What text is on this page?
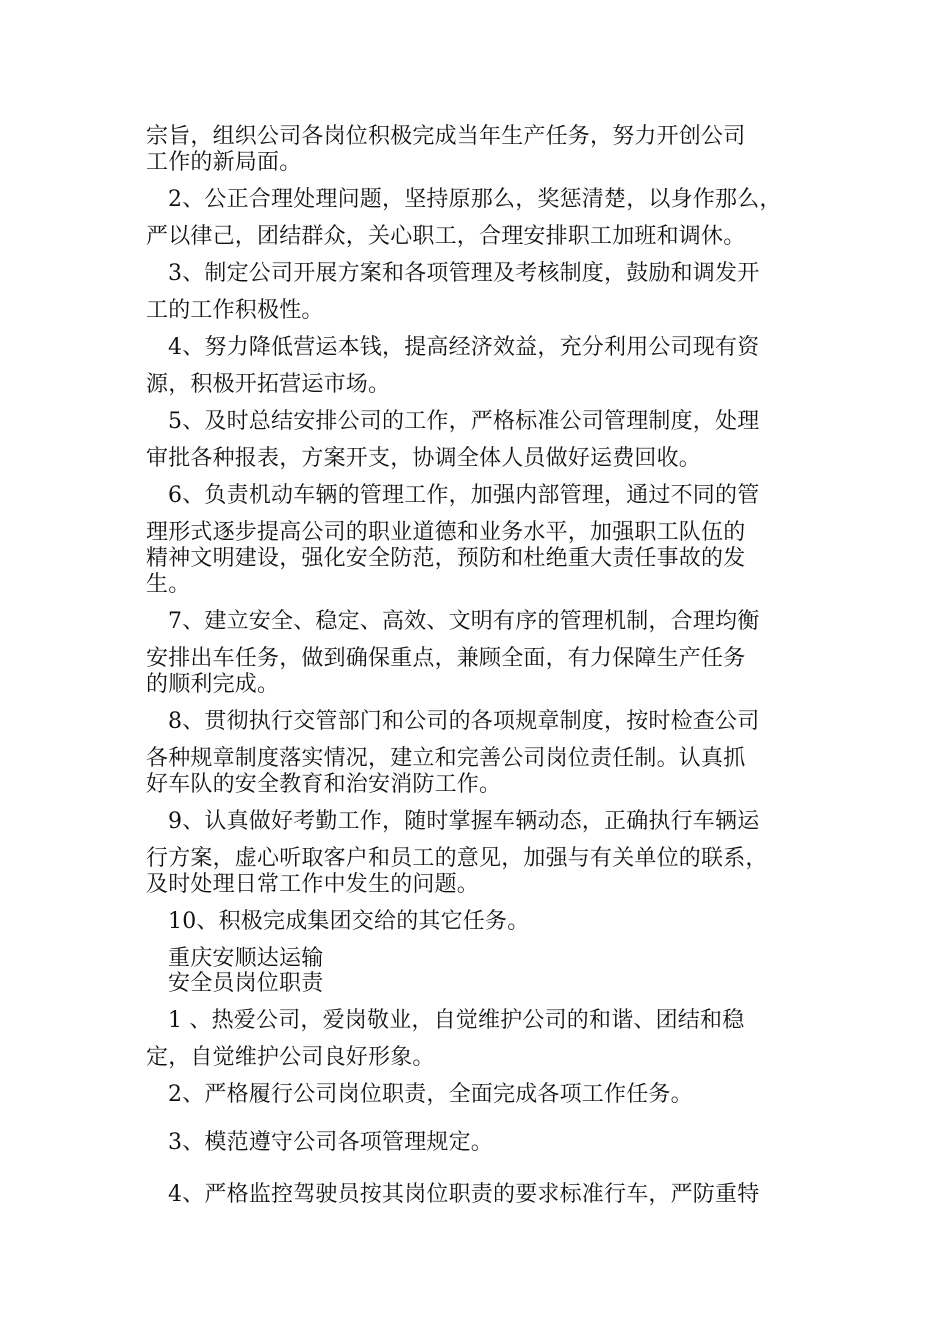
宗旨，组织公司各岗位积极完成当年生产任务，努力开创公司
工作的新局面。
2、公正合理处理问题，坚持原那么，奖惩清楚，以身作那么，
严以律己，团结群众，关心职工，合理安排职工加班和调休。
3、制定公司开展方案和各项管理及考核制度，鼓励和调发开
工的工作积极性。
4、努力降低营运本钱，提高经济效益，充分利用公司现有资
源，积极开拓营运市场。
5、及时总结安排公司的工作，严格标准公司管理制度，处理
审批各种报表，方案开支，协调全体人员做好运费回收。
6、负责机动车辆的管理工作，加强内部管理，通过不同的管
理形式逐步提高公司的职业道德和业务水平，加强职工队伍的
精神文明建设，强化安全防范，预防和杜绝重大责任事故的发
生。
7、建立安全、稳定、高效、文明有序的管理机制，合理均衡
安排出车任务，做到确保重点，兼顾全面，有力保障生产任务
的顺利完成。
8、贯彻执行交管部门和公司的各项规章制度，按时检查公司
各种规章制度落实情况，建立和完善公司岗位责任制。认真抓
好车队的安全教育和治安消防工作。
9、认真做好考勤工作，随时掌握车辆动态，正确执行车辆运
行方案，虚心听取客户和员工的意见，加强与有关单位的联系，
及时处理日常工作中发生的问题。
10、积极完成集团交给的其它任务。
重庆安顺达运输
安全员岗位职责
1 、热爱公司，爱岗敬业，自觉维护公司的和谐、团结和稳
定，自觉维护公司良好形象。
2、严格履行公司岗位职责，全面完成各项工作任务。
3、模范遵守公司各项管理规定。
4、严格监控驾驶员按其岗位职责的要求标准行车，严防重特
